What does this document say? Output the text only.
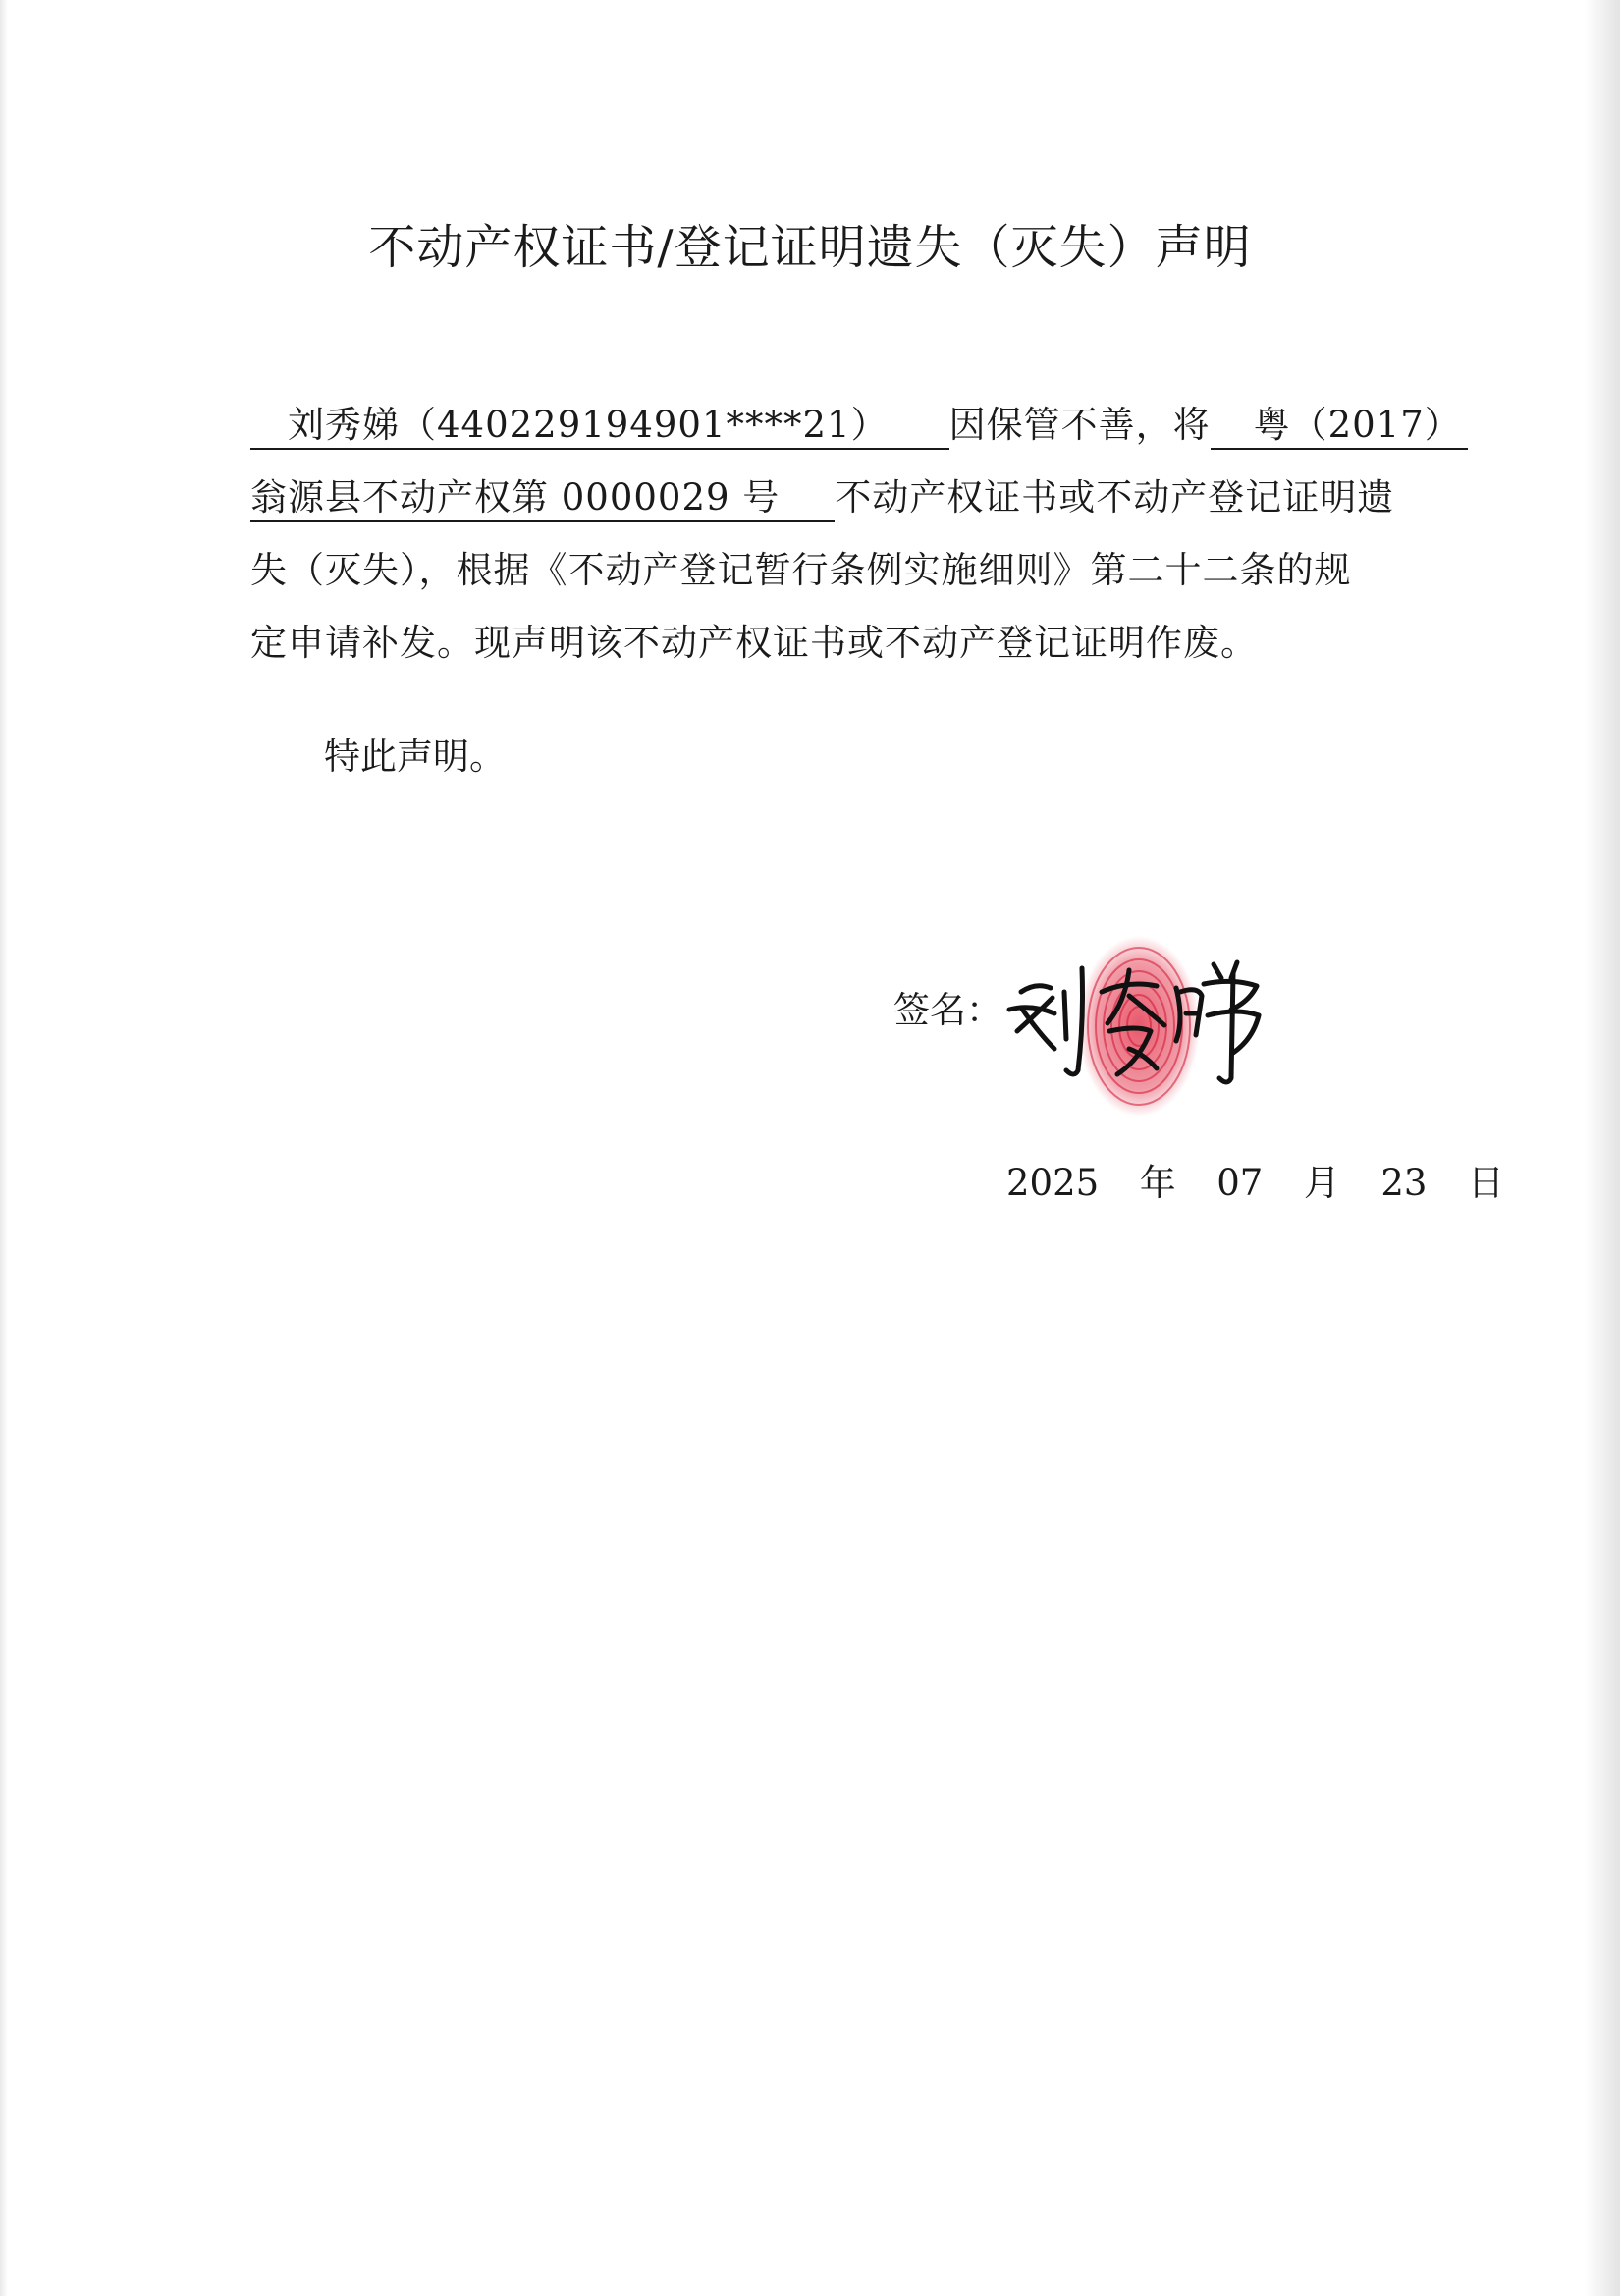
不动产权证书/登记证明遗失（灭失）声明
刘秀娣（440229194901****21） 因保管不善，将 粤（2017）
翁源县不动产权第 0000029 号 不动产权证书或不动产登记证明遗
失（灭失），根据《不动产登记暂行条例实施细则》第二十二条的规
定申请补发。现声明该不动产权证书或不动产登记证明作废。
特此声明。
签名：
2025 年 07 月 23 日
